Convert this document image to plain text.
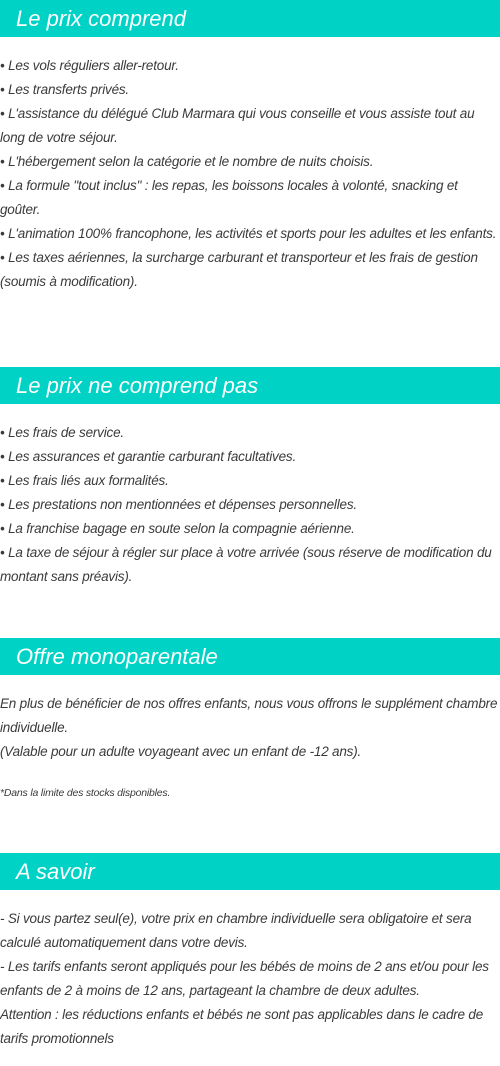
Le prix comprend
• Les vols réguliers aller-retour.
• Les transferts privés.
• L'assistance du délégué Club Marmara qui vous conseille et vous assiste tout au long de votre séjour.
• L'hébergement selon la catégorie et le nombre de nuits choisis.
• La formule "tout inclus" : les repas, les boissons locales à volonté, snacking et goûter.
• L'animation 100% francophone, les activités et sports pour les adultes et les enfants.
• Les taxes aériennes, la surcharge carburant et transporteur et les frais de gestion (soumis à modification).
Le prix ne comprend pas
• Les frais de service.
• Les assurances et garantie carburant facultatives.
• Les frais liés aux formalités.
• Les prestations non mentionnées et dépenses personnelles.
• La franchise bagage en soute selon la compagnie aérienne.
• La taxe de séjour à régler sur place à votre arrivée (sous réserve de modification du montant sans préavis).
Offre monoparentale
En plus de bénéficier de nos offres enfants, nous vous offrons le supplément chambre individuelle.
(Valable pour un adulte voyageant avec un enfant de -12 ans).
*Dans la limite des stocks disponibles.
A savoir
- Si vous partez seul(e), votre prix en chambre individuelle sera obligatoire et sera calculé automatiquement dans votre devis.
- Les tarifs enfants seront appliqués pour les bébés de moins de 2 ans et/ou pour les enfants de 2 à moins de 12 ans, partageant la chambre de deux adultes.
Attention : les réductions enfants et bébés ne sont pas applicables dans le cadre de tarifs promotionnels
